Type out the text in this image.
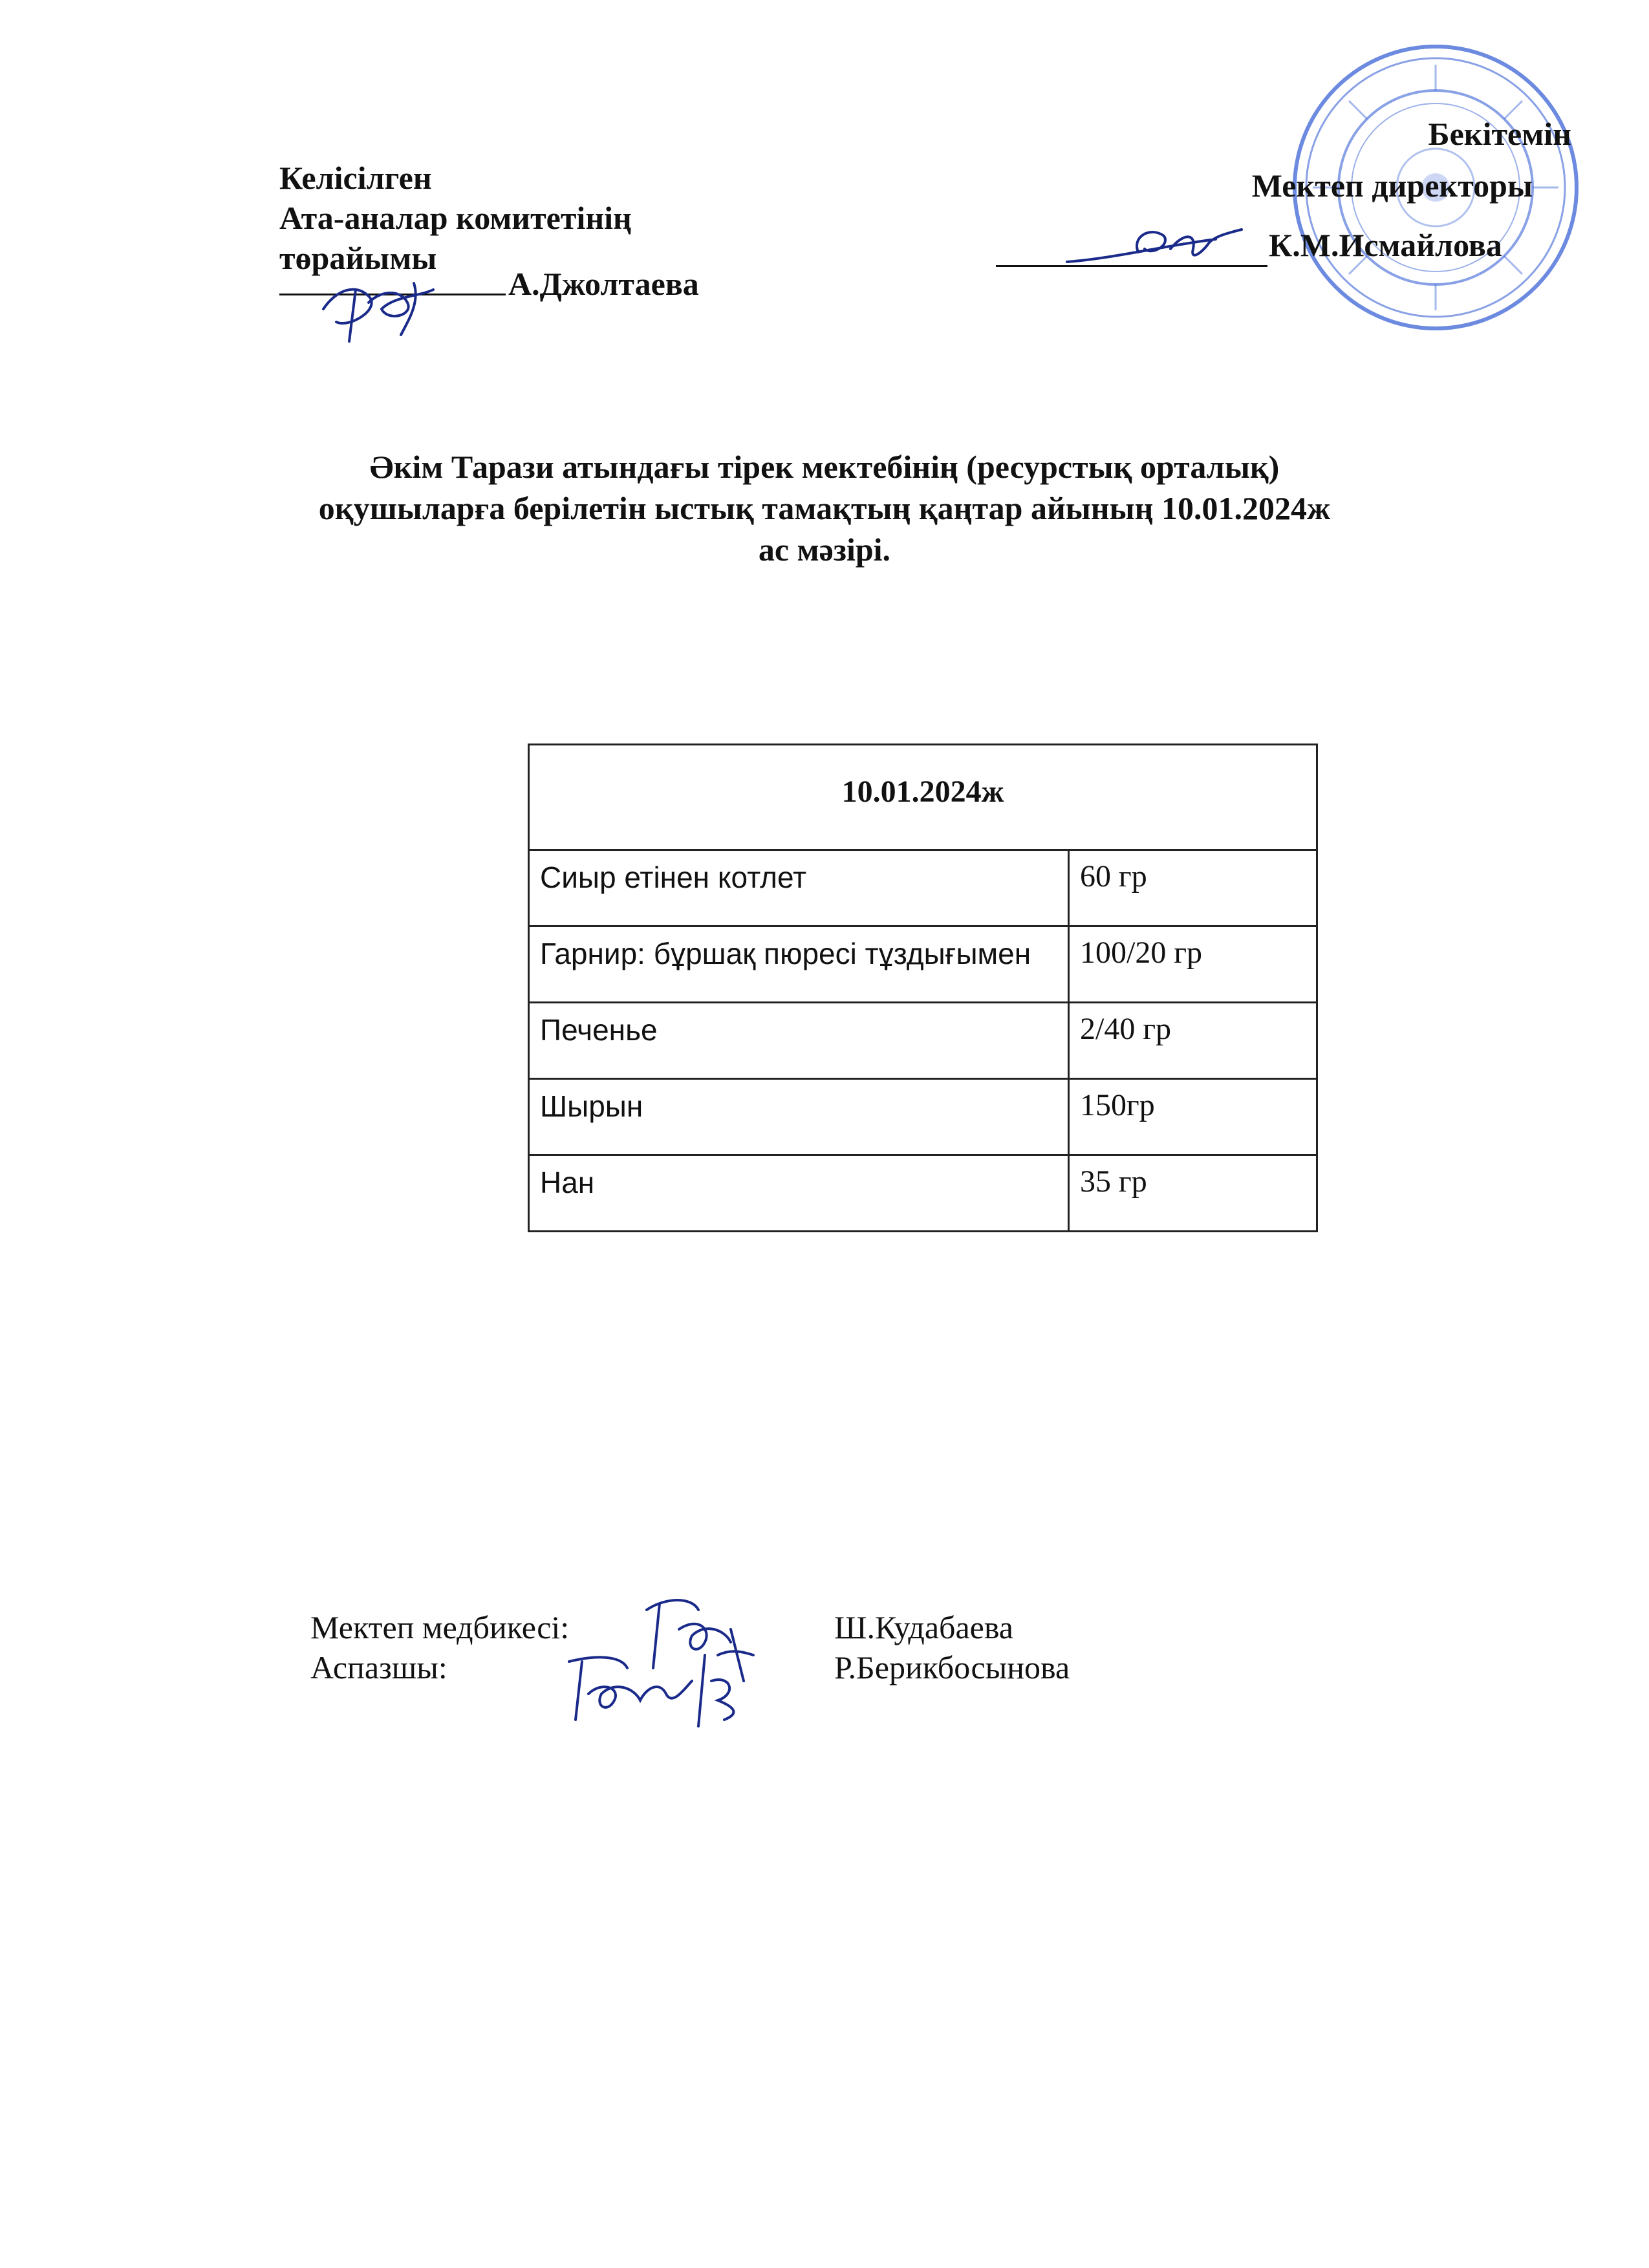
Келісілген
Ата-аналар комитетінің
төрайымы
А.Джолтаева
Бекітемін
Мектеп директоры
К.М.Исмайлова
Әкім Тарази атындағы тірек мектебінің (ресурстық орталық)
оқушыларға берілетін ыстық тамақтың қаңтар айының 10.01.2024ж
ас мәзірі.
10.01.2024ж	
Сиыр етінен котлет	60 гр
Гарнир: бұршақ пюресі тұздығымен	100/20 гр
Печенье	2/40 гр
Шырын	150гр
Нан	35 гр
Мектеп медбикесі:	Ш.Кудабаева
Аспазшы:	Р.Берикбосынова
